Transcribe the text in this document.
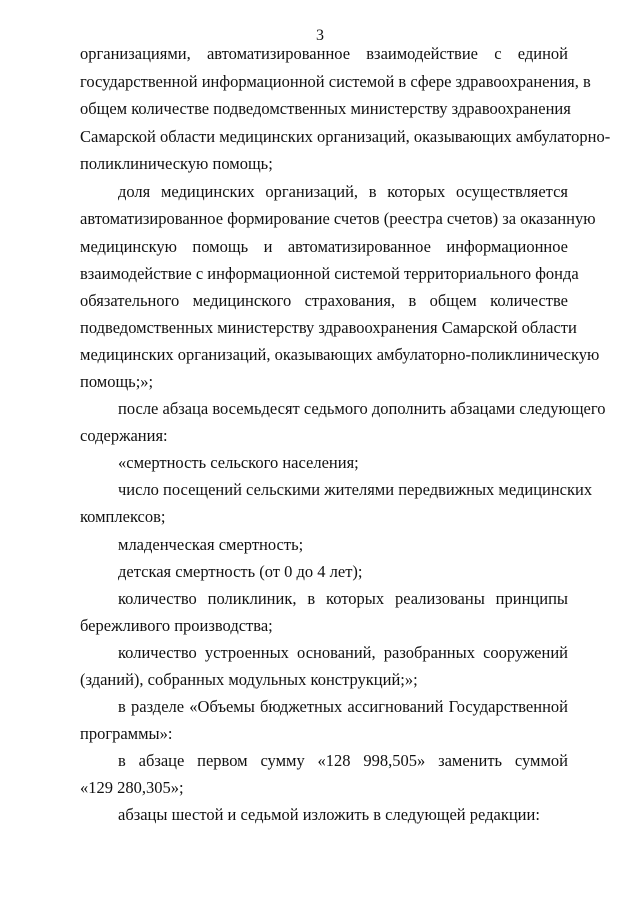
3
организациями, автоматизированное взаимодействие с единой
государственной информационной системой в сфере здравоохранения, в
общем количестве подведомственных министерству здравоохранения
Самарской области медицинских организаций, оказывающих амбулаторно-
поликлиническую помощь;
доля медицинских организаций, в которых осуществляется
автоматизированное формирование счетов (реестра счетов) за оказанную
медицинскую помощь и автоматизированное информационное
взаимодействие с информационной системой территориального фонда
обязательного медицинского страхования, в общем количестве
подведомственных министерству здравоохранения Самарской области
медицинских организаций, оказывающих амбулаторно-поликлиническую
помощь;»;
после абзаца восемьдесят седьмого дополнить абзацами следующего
содержания:
«смертность сельского населения;
число посещений сельскими жителями передвижных медицинских
комплексов;
младенческая смертность;
детская смертность (от 0 до 4 лет);
количество поликлиник, в которых реализованы принципы
бережливого производства;
количество устроенных оснований, разобранных сооружений
(зданий), собранных модульных конструкций;»;
в разделе «Объемы бюджетных ассигнований Государственной
программы»:
в абзаце первом сумму «128 998,505» заменить суммой
«129 280,305»;
абзацы шестой и седьмой изложить в следующей редакции:
